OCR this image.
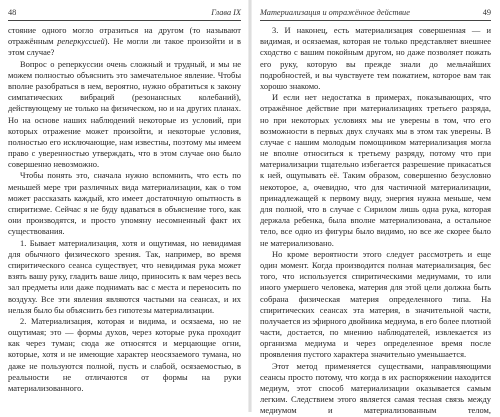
48	Глава IX

стояние одного могло отразиться на другом (то называют отражённым реперкуссией). Не могли ли такое произойти и в этом случае?

Вопрос о реперкуссии очень сложный и трудный, и мы не можем полностью объяснить это замечательное явление. Чтобы вполне разобраться в нем, вероятно, нужно обратиться к закону симпатических вибраций (резонансных колебаний), действующему не только на физическом, но и на других планах. Но на основе наших наблюдений некоторые из условий, при которых отражение может произойти, и некоторые условия, полностью его исключающие, нам известны, поэтому мы имеем право с уверенностью утверждать, что в этом случае оно было совершенно невозможно.

Чтобы понять это, сначала нужно вспомнить, что есть по меньшей мере три различных вида материализации, как о том может рассказать каждый, кто имеет достаточную опытность в спиритизме. Сейчас я не буду вдаваться в объяснение того, как они производятся, и просто упомяну несомненный факт их существования.

1. Бывает материализация, хотя и ощутимая, но невидимая для обычного физического зрения. Так, например, во время спиритического сеанса существует, что невидимая рука может взять вашу руку, гладить ваше лицо, приносить к вам через весь зал предметы или даже поднимать вас с места и переносить по воздуху. Все эти явления являются частыми на сеансах, и их нельзя было бы объяснить без гипотезы материализации.

2. Материализация, которая и видима, и осязаема, но не ощутимая; это — формы духов, через которые рука проходит как через туман; сюда же относятся и мерцающие огни, которые, хотя и не имеющие характер неосязаемого тумана, но даже не пользуются полной, пусть и слабой, осязаемостью, в реальности не отличаются от формы на руки материализованного.

Материализация и отражённое действие	49

3. И наконец, есть материализация совершенная — и видимая, и осязаемая, которая не только представляет внешнее сходство с вашим покойным другом, но даже позволяет пожать его руку, которую вы прежде знали до мельчайших подробностей, и вы чувствуете тем пожатием, которое вам так хорошо знакомо.

И если нет недостатка в примерах, показывающих, что отражённое действие при материализациях третьего разряда, но при некоторых условиях мы не уверены в том, что его возможности в первых двух случаях мы в этом так уверены. В случае с нашим молодым помощником материализация могла не вполне относиться к третьему разряду, потому что при материализации тщательно избегается разрешение прикасаться к ней, ощупывать её. Таким образом, совершенно безусловно некоторое, а, очевидно, что для частичной материализации, принадлежащей к первому виду, энергия нужна меньше, чем для полной, что в случае с Сирилом лишь одна рука, которая держала ребенка, была вполне материализована, а остальное тело, все одно из фигуры было видимо, но все же скорее было не материализовано.

Но кроме вероятности этого следует рассмотреть и еще один момент. Когда производится полная материализация, бес того, что используется спиритическими медиумами, то или иного умершего человека, материя для этой цели должна быть собрана физическая материя определенного типа. На спиритических сеансах эта материя, в значительной части, получается из эфирного двойника медиума, в его более плотной части, достается, по мнению наблюдателей, извлекается из организма медиума и через определенное время после проявления пустого характера значительно уменьшается.

Этот метод применяется существами, направляющими сеансы просто потому, что когда в их распоряжении находится медиум, этот способ материализации оказывается самым легким. Следствием этого является самая тесная связь между медиумом и материализованным телом,
